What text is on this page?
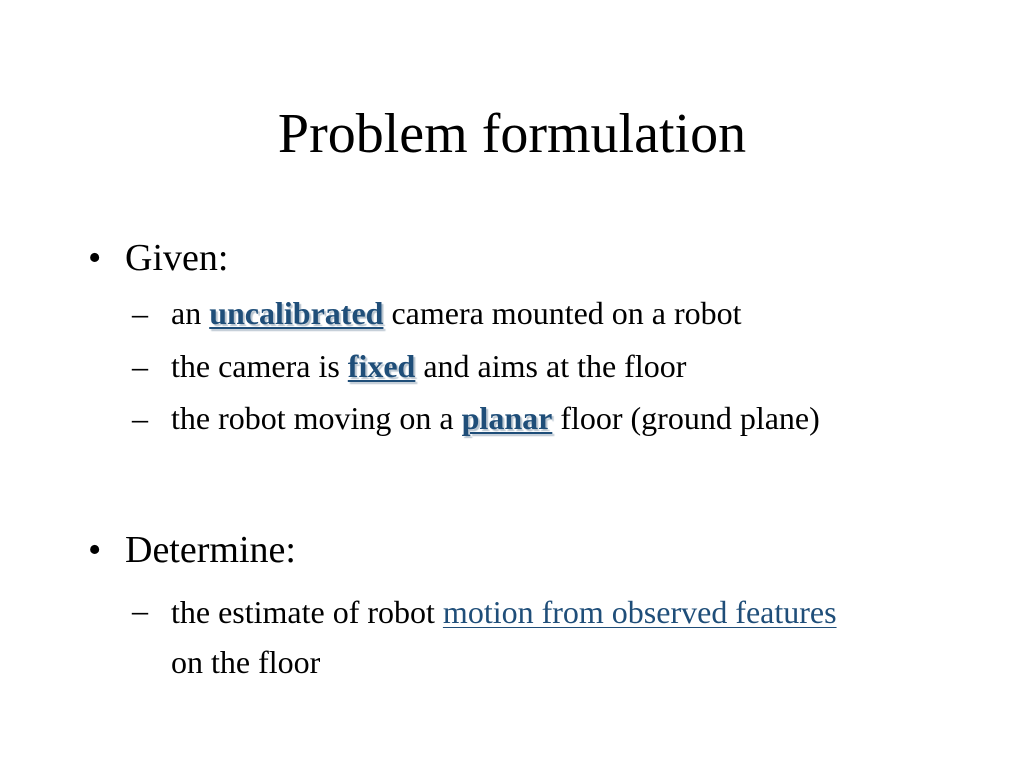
Problem formulation
• Given:
– an uncalibrated camera mounted on a robot
– the camera is fixed and aims at the floor
– the robot moving on a planar floor (ground plane)
• Determine:
– the estimate of robot motion from observed features on the floor
